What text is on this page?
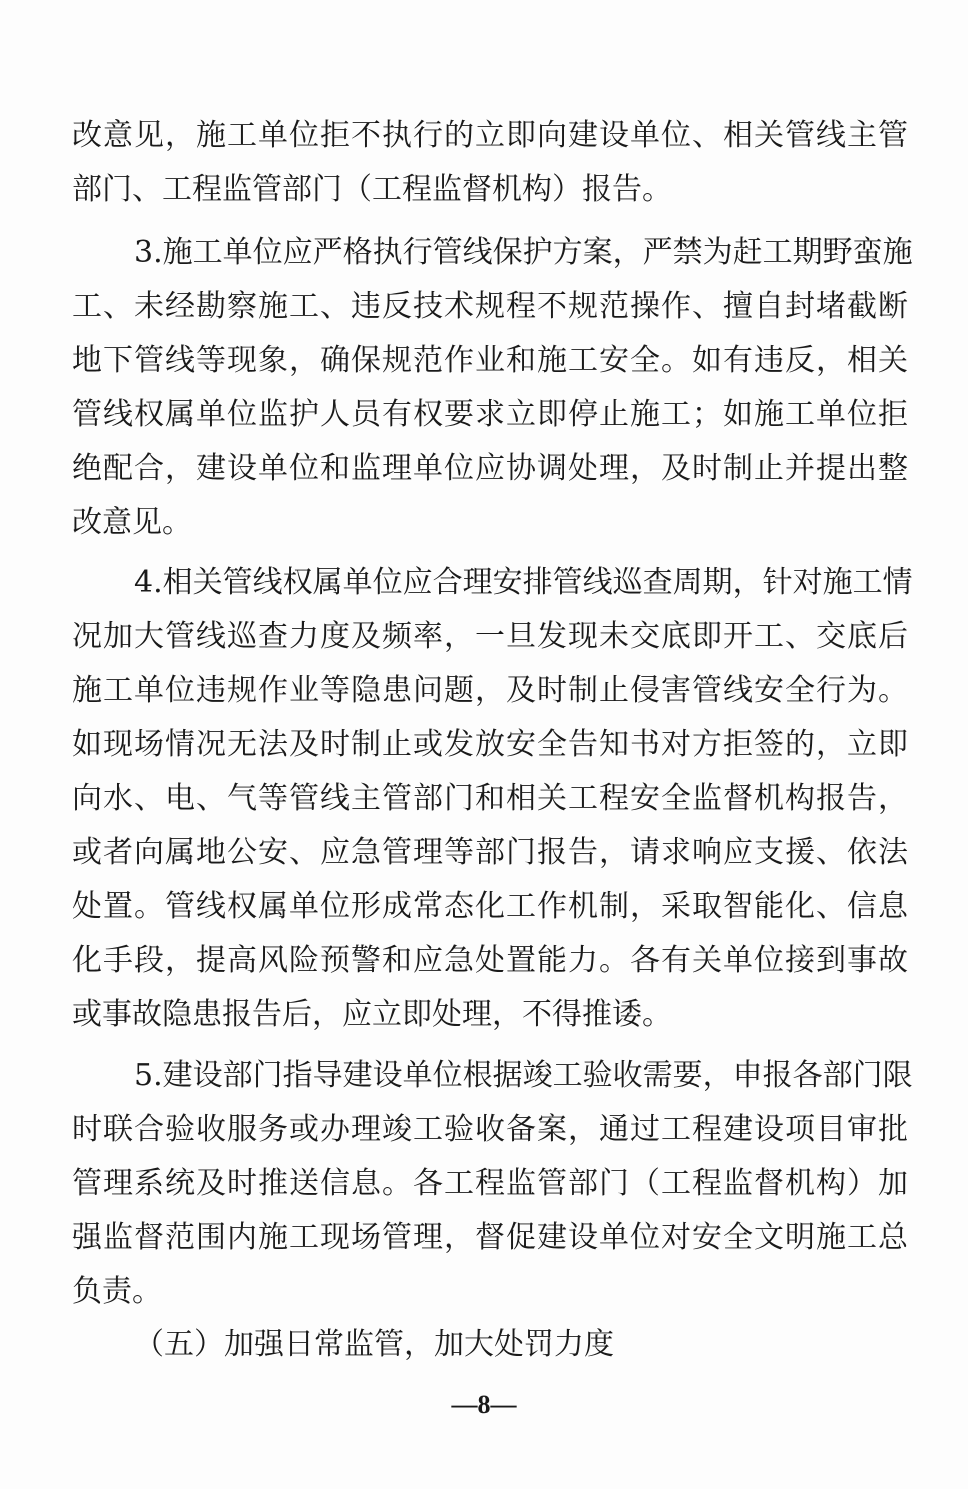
改意见，施工单位拒不执行的立即向建设单位、相关管线主管
部门、工程监管部门（工程监督机构）报告。
3.施工单位应严格执行管线保护方案，严禁为赶工期野蛮施
工、未经勘察施工、违反技术规程不规范操作、擅自封堵截断
地下管线等现象，确保规范作业和施工安全。如有违反，相关
管线权属单位监护人员有权要求立即停止施工；如施工单位拒
绝配合，建设单位和监理单位应协调处理，及时制止并提出整
改意见。
4.相关管线权属单位应合理安排管线巡查周期，针对施工情
况加大管线巡查力度及频率，一旦发现未交底即开工、交底后
施工单位违规作业等隐患问题，及时制止侵害管线安全行为。
如现场情况无法及时制止或发放安全告知书对方拒签的，立即
向水、电、气等管线主管部门和相关工程安全监督机构报告，
或者向属地公安、应急管理等部门报告，请求响应支援、依法
处置。管线权属单位形成常态化工作机制，采取智能化、信息
化手段，提高风险预警和应急处置能力。各有关单位接到事故
或事故隐患报告后，应立即处理，不得推诿。
5.建设部门指导建设单位根据竣工验收需要，申报各部门限
时联合验收服务或办理竣工验收备案，通过工程建设项目审批
管理系统及时推送信息。各工程监管部门（工程监督机构）加
强监督范围内施工现场管理，督促建设单位对安全文明施工总
负责。
（五）加强日常监管，加大处罚力度
—8—
